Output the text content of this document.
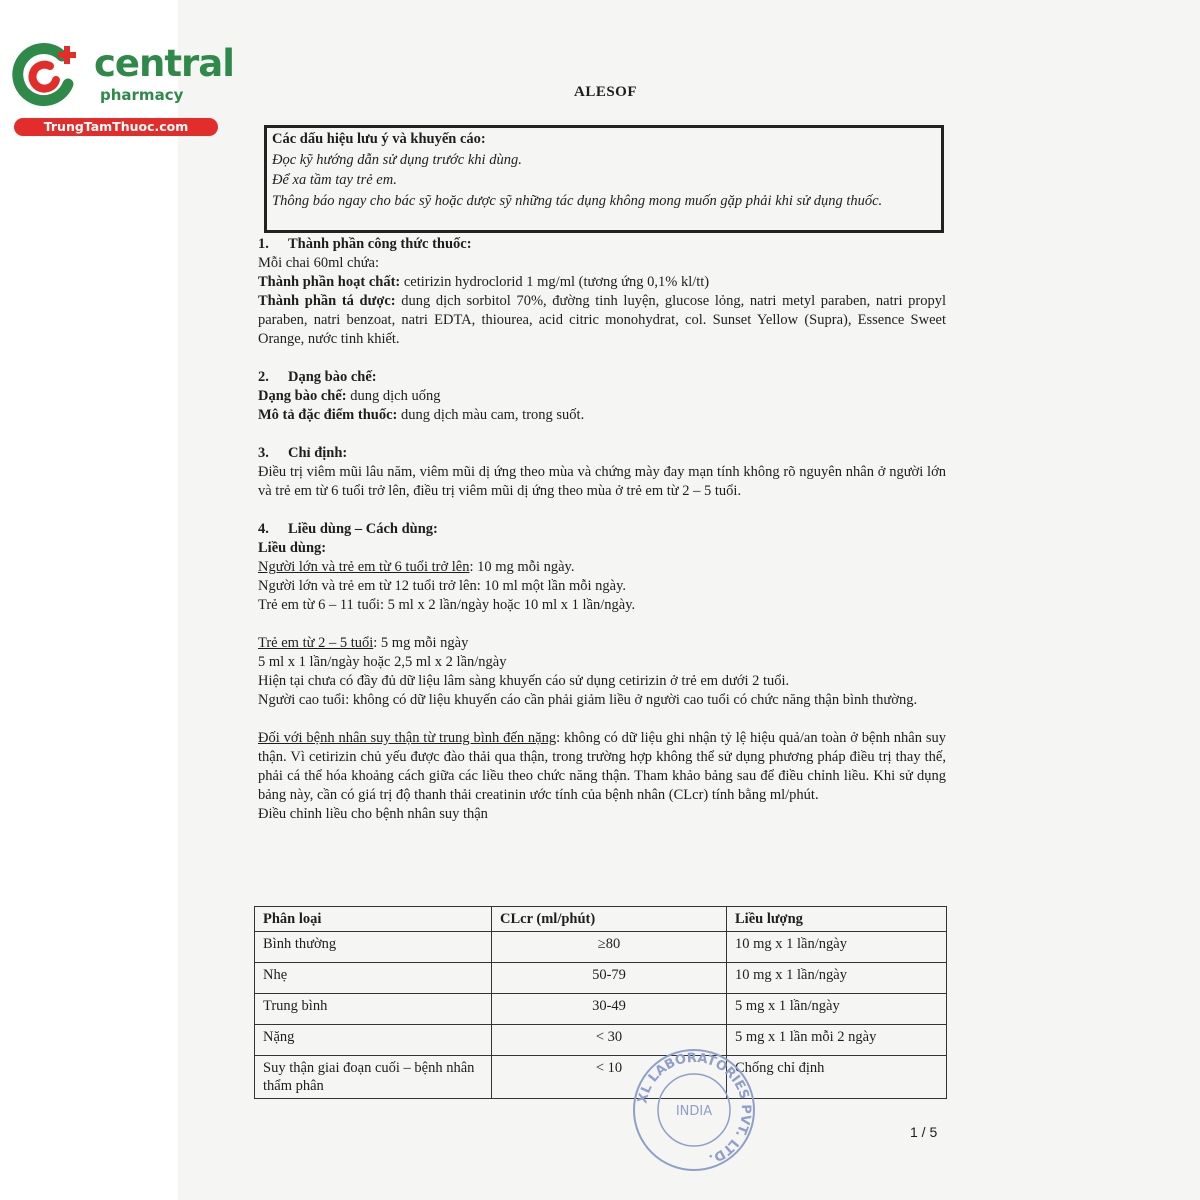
central
pharmacy
TrungTamThuoc.com
ALESOF
Các dấu hiệu lưu ý và khuyến cáo:
Đọc kỹ hướng dẫn sử dụng trước khi dùng.
Để xa tầm tay trẻ em.
Thông báo ngay cho bác sỹ hoặc dược sỹ những tác dụng không mong muốn gặp phải khi sử dụng thuốc.

1. Thành phần công thức thuốc:

Mỗi chai 60ml chứa:

Thành phần hoạt chất: cetirizin hydroclorid 1 mg/ml (tương ứng 0,1% kl/tt)

Thành phần tá dược: dung dịch sorbitol 70%, đường tinh luyện, glucose lỏng, natri metyl paraben, natri propyl paraben, natri benzoat, natri EDTA, thiourea, acid citric monohydrat, col. Sunset Yellow (Supra), Essence Sweet Orange, nước tinh khiết.

2. Dạng bào chế:

Dạng bào chế: dung dịch uống

Mô tả đặc điểm thuốc: dung dịch màu cam, trong suốt.

3. Chỉ định:

Điều trị viêm mũi lâu năm, viêm mũi dị ứng theo mùa và chứng mày đay mạn tính không rõ nguyên nhân ở người lớn và trẻ em từ 6 tuổi trở lên, điều trị viêm mũi dị ứng theo mùa ở trẻ em từ 2 – 5 tuổi.

4. Liều dùng – Cách dùng:

Liều dùng:

Người lớn và trẻ em từ 6 tuổi trở lên: 10 mg mỗi ngày.

Người lớn và trẻ em từ 12 tuổi trở lên: 10 ml một lần mỗi ngày.

Trẻ em từ 6 – 11 tuổi: 5 ml x 2 lần/ngày hoặc 10 ml x 1 lần/ngày.

Trẻ em từ 2 – 5 tuổi: 5 mg mỗi ngày

5 ml x 1 lần/ngày hoặc 2,5 ml x 2 lần/ngày

Hiện tại chưa có đầy đủ dữ liệu lâm sàng khuyến cáo sử dụng cetirizin ở trẻ em dưới 2 tuổi.

Người cao tuổi: không có dữ liệu khuyến cáo cần phải giảm liều ở người cao tuổi có chức năng thận bình thường.

Đối với bệnh nhân suy thận từ trung bình đến nặng: không có dữ liệu ghi nhận tỷ lệ hiệu quả/an toàn ở bệnh nhân suy thận. Vì cetirizin chủ yếu được đào thải qua thận, trong trường hợp không thể sử dụng phương pháp điều trị thay thế, phải cá thể hóa khoảng cách giữa các liều theo chức năng thận. Tham khảo bảng sau để điều chỉnh liều. Khi sử dụng bảng này, cần có giá trị độ thanh thải creatinin ước tính của bệnh nhân (CLcr) tính bằng ml/phút.

Điều chỉnh liều cho bệnh nhân suy thận

Phân loại	CLcr (ml/phút)	Liều lượng
Bình thường	≥80	10 mg x 1 lần/ngày
Nhẹ	50-79	10 mg x 1 lần/ngày
Trung bình	30-49	5 mg x 1 lần/ngày
Nặng	< 30	5 mg x 1 lần mỗi 2 ngày
Suy thận giai đoạn cuối – bệnh nhân thẩm phân	< 10	Chống chỉ định
XL LABORATORIES PVT. LTD.
INDIA
1 / 5
